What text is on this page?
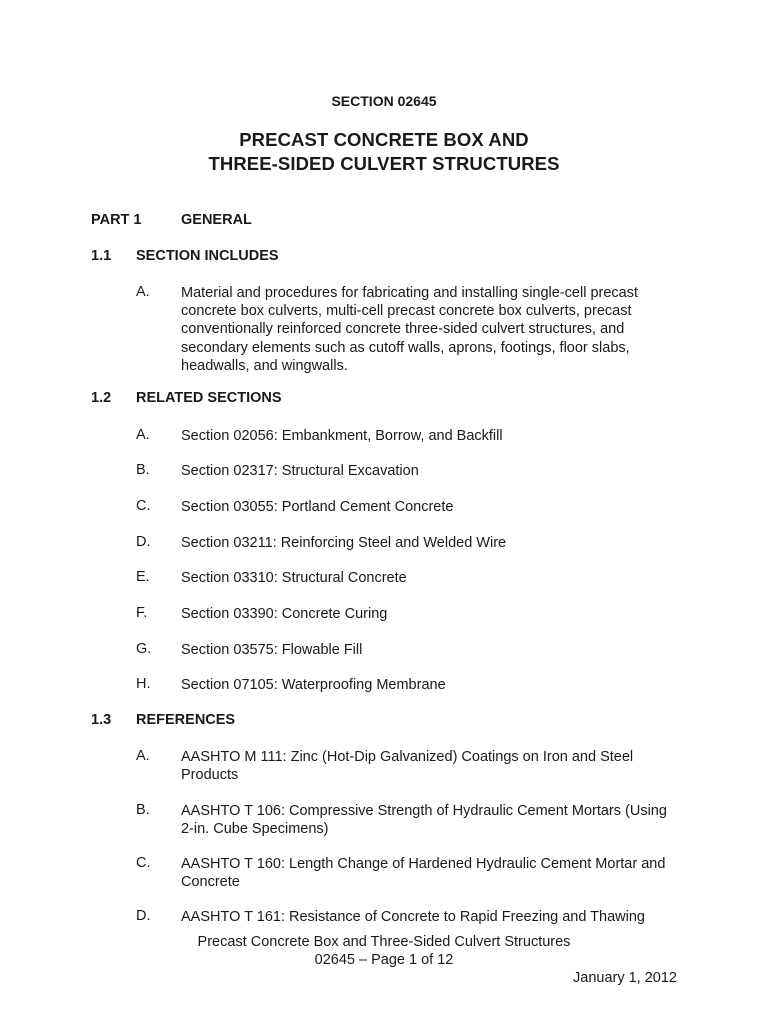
SECTION 02645
PRECAST CONCRETE BOX AND
THREE-SIDED CULVERT STRUCTURES
PART 1	GENERAL
1.1 SECTION INCLUDES
A. Material and procedures for fabricating and installing single-cell precast concrete box culverts, multi-cell precast concrete box culverts, precast conventionally reinforced concrete three-sided culvert structures, and secondary elements such as cutoff walls, aprons, footings, floor slabs, headwalls, and wingwalls.
1.2 RELATED SECTIONS
A. Section 02056: Embankment, Borrow, and Backfill
B. Section 02317: Structural Excavation
C. Section 03055: Portland Cement Concrete
D. Section 03211: Reinforcing Steel and Welded Wire
E. Section 03310: Structural Concrete
F. Section 03390: Concrete Curing
G. Section 03575: Flowable Fill
H. Section 07105: Waterproofing Membrane
1.3 REFERENCES
A. AASHTO M 111: Zinc (Hot-Dip Galvanized) Coatings on Iron and Steel Products
B. AASHTO T 106: Compressive Strength of Hydraulic Cement Mortars (Using 2-in. Cube Specimens)
C. AASHTO T 160: Length Change of Hardened Hydraulic Cement Mortar and Concrete
D. AASHTO T 161: Resistance of Concrete to Rapid Freezing and Thawing
Precast Concrete Box and Three-Sided Culvert Structures
02645 – Page 1 of 12
January 1, 2012
